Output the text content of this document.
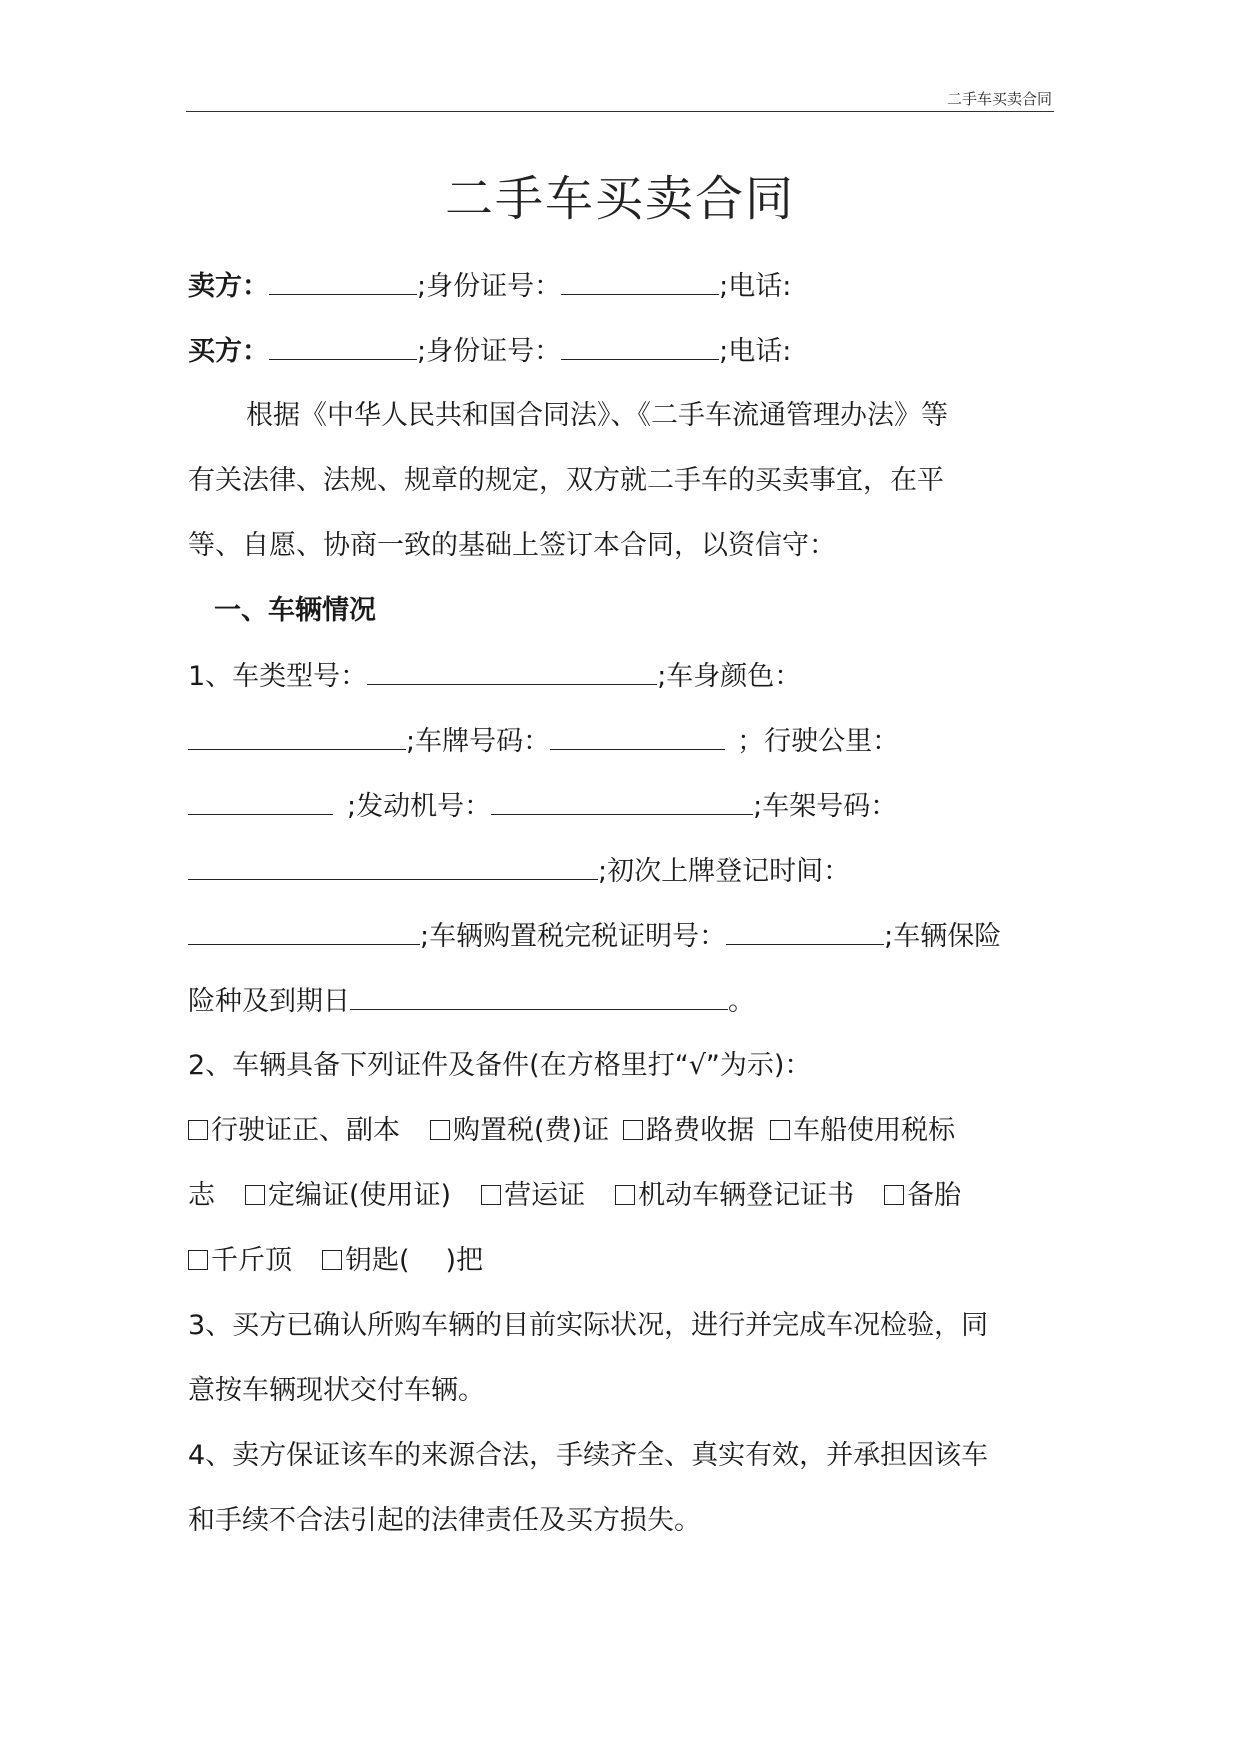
二手车买卖合同
二手车买卖合同
卖方：	;身份证号：	;电话:
买方：	;身份证号：	;电话:
根据《中华人民共和国合同法》、《二手车流通管理办法》等
有关法律、法规、规章的规定，双方就二手车的买卖事宜，在平
等、自愿、协商一致的基础上签订本合同，以资信守：
一、车辆情况
1、车类型号：	;车身颜色：
;车牌号码：	；行驶公里：
;发动机号：	;车架号码：
;初次上牌登记时间：
;车辆购置税完税证明号：	;车辆保险
险种及到期日	。
2、车辆具备下列证件及备件(在方格里打“√”为示)：
行驶证正、副本 购置税(费)证 路费收据 车船使用税标
志 定编证(使用证) 营运证 机动车辆登记证书 备胎
千斤顶 钥匙( )把
3、买方已确认所购车辆的目前实际状况，进行并完成车况检验，同
意按车辆现状交付车辆。
4、卖方保证该车的来源合法，手续齐全、真实有效，并承担因该车
和手续不合法引起的法律责任及买方损失。
